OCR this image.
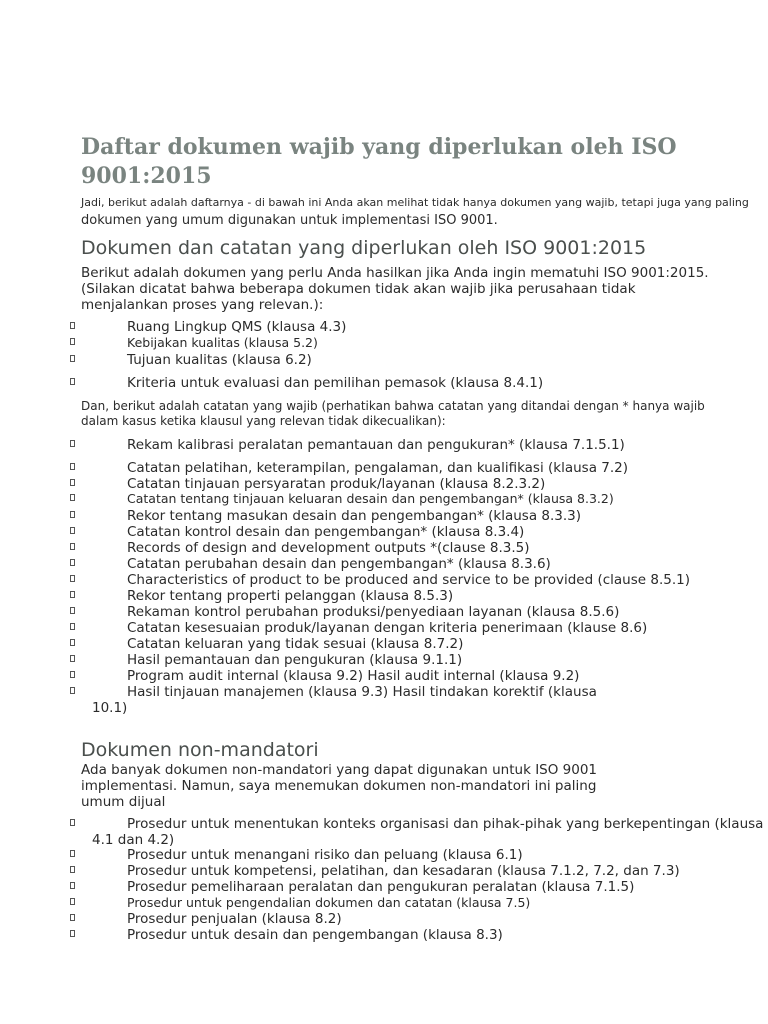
Daftar dokumen wajib yang diperlukan oleh ISO 9001:2015
Jadi, berikut adalah daftarnya - di bawah ini Anda akan melihat tidak hanya dokumen yang wajib, tetapi juga yang paling
dokumen yang umum digunakan untuk implementasi ISO 9001.
Dokumen dan catatan yang diperlukan oleh ISO 9001:2015
Berikut adalah dokumen yang perlu Anda hasilkan jika Anda ingin mematuhi ISO 9001:2015. (Silakan dicatat bahwa beberapa dokumen tidak akan wajib jika perusahaan tidak menjalankan proses yang relevan.):
Ruang Lingkup QMS (klausa 4.3)
Kebijakan kualitas (klausa 5.2)
Tujuan kualitas (klausa 6.2)
Kriteria untuk evaluasi dan pemilihan pemasok (klausa 8.4.1)
Dan, berikut adalah catatan yang wajib (perhatikan bahwa catatan yang ditandai dengan * hanya wajib dalam kasus ketika klausul yang relevan tidak dikecualikan):
Rekam kalibrasi peralatan pemantauan dan pengukuran* (klausa 7.1.5.1)
Catatan pelatihan, keterampilan, pengalaman, dan kualifikasi (klausa 7.2)
Catatan tinjauan persyaratan produk/layanan (klausa 8.2.3.2)
Catatan tentang tinjauan keluaran desain dan pengembangan* (klausa 8.3.2)
Rekor tentang masukan desain dan pengembangan* (klausa 8.3.3)
Catatan kontrol desain dan pengembangan* (klausa 8.3.4)
Records of design and development outputs *(clause 8.3.5)
Catatan perubahan desain dan pengembangan* (klausa 8.3.6)
Characteristics of product to be produced and service to be provided (clause 8.5.1)
Rekor tentang properti pelanggan (klausa 8.5.3)
Rekaman kontrol perubahan produksi/penyediaan layanan (klausa 8.5.6)
Catatan kesesuaian produk/layanan dengan kriteria penerimaan (klause 8.6)
Catatan keluaran yang tidak sesuai (klausa 8.7.2)
Hasil pemantauan dan pengukuran (klausa 9.1.1)
Program audit internal (klausa 9.2) Hasil audit internal (klausa 9.2)
Hasil tinjauan manajemen (klausa 9.3) Hasil tindakan korektif (klausa
10.1)
Dokumen non-mandatori
Ada banyak dokumen non-mandatori yang dapat digunakan untuk ISO 9001 implementasi. Namun, saya menemukan dokumen non-mandatori ini paling umum dijual
Prosedur untuk menentukan konteks organisasi dan pihak-pihak yang berkepentingan (klausa
4.1 dan 4.2)
Prosedur untuk menangani risiko dan peluang (klausa 6.1)
Prosedur untuk kompetensi, pelatihan, dan kesadaran (klausa 7.1.2, 7.2, dan 7.3)
Prosedur pemeliharaan peralatan dan pengukuran peralatan (klausa 7.1.5)
Prosedur untuk pengendalian dokumen dan catatan (klausa 7.5)
Prosedur penjualan (klausa 8.2)
Prosedur untuk desain dan pengembangan (klausa 8.3)
